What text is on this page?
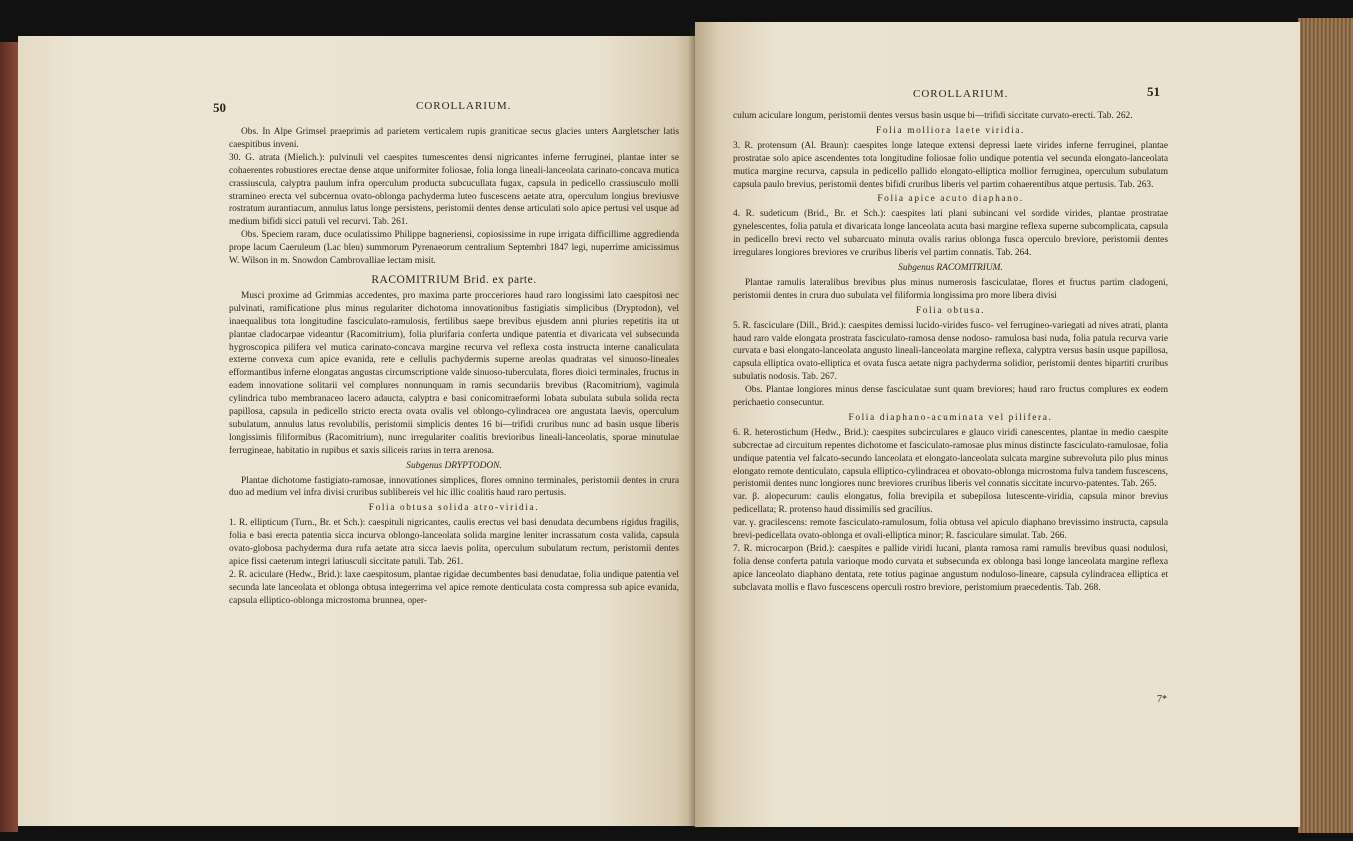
50	COROLLARIUM.

Obs. In Alpe Grimsel praeprimis ad parietem verticalem rupis graniticae secus glacies unters Aargletscher latis caespitibus inveni.

30. G. atrata (Mielich.): pulvinuli vel caespites tumescentes densi nigricantes inferne ferruginei, plantae inter se cohaerentes robustiores erectae dense atque uniformiter foliosae, folia longa lineali-lanceolata carinato-concava mutica crassiuscula, calyptra paulum infra operculum producta subcucullata fugax, capsula in pedicello crassiusculo molli stramineo erecta vel subcernua ovato-oblonga pachyderma luteo fuscescens aetate atra, operculum longius breviusve rostratum aurantiacum, annulus latus longe persistens, peristomii dentes dense articulati solo apice pertusi vel usque ad medium bifidi sicci patuli vel recurvi. Tab. 261.

Obs. Speciem raram, duce oculatissimo Philippe bagneriensi, copiosissime in rupe irrigata difficillime aggredienda prope lacum Caeruleum (Lac bleu) summorum Pyrenaeorum centralium Septembri 1847 legi, nuperrime amicissimus W. Wilson in m. Snowdon Cambrovalliae lectam misit.

RACOMITRIUM Brid. ex parte.

Musci proxime ad Grimmias accedentes, pro maxima parte procceriores haud raro longissimi lato caespitosi nec pulvinati, ramificatione plus minus regulariter dichotoma innovationibus fastigiatis simplicibus (Dryptodon), vel inaequalibus tota longitudine fasciculato-ramulosis, fertilibus saepe brevibus ejusdem anni pluries repetitis ita ut plantae cladocarpae videantur (Racomitrium), folia plurifaria conferta undique patentia et divaricata vel subsecunda hygroscopica pilifera vel mutica carinato-concava margine recurva vel reflexa costa instructa interne canaliculata externe convexa cum apice evanida, rete e cellulis pachydermis superne areolas quadratas vel sinuoso-lineales efformantibus inferne elongatas angustas circumscriptione valde sinuoso-tuberculata, flores dioici terminales, fructus in eadem innovatione solitarii vel complures nonnunquam in ramis secundariis brevibus (Racomitrium), vaginula cylindrica tubo membranaceo lacero adaucta, calyptra e basi conicomitraeformi lobata subulata subula solida recta papillosa, capsula in pedicello stricto erecta ovata ovalis vel oblongo-cylindracea ore angustata laevis, operculum subulatum, annulus latus revolubilis, peristomii simplicis dentes 16 bi—trifidi cruribus nunc ad basin usque liberis longissimis filiformibus (Racomitrium), nunc irregulariter coalitis brevioribus lineali-lanceolatis, sporae minutulae ferrugineae, habitatio in rupibus et saxis siliceis rarius in terra arenosa.

Subgenus DRYPTODON.

Plantae dichotome fastigiato-ramosae, innovationes simplices, flores omnino terminales, peristomii dentes in crura duo ad medium vel infra divisi cruribus sublibereis vel hic illic coalitis haud raro pertusis.

Folia obtusa solida atro-viridia.

1. R. ellipticum (Turn., Br. et Sch.): caespituli nigricantes, caulis erectus vel basi denudata decumbens rigidus fragilis, folia e basi erecta patentia sicca incurva oblongo-lanceolata solida margine leniter incrassatum costa valida, capsula ovato-globosa pachyderma dura rufa aetate atra sicca laevis polita, operculum subulatum rectum, peristomii dentes apice fissi caeterum integri latiusculi siccitate patuli. Tab. 261.

2. R. aciculare (Hedw., Brid.): laxe caespitosum, plantae rigidae decumbentes basi denudatae, folia undique patentia vel secunda late lanceolata et oblonga obtusa integerrima vel apice remote denticulata costa compressa sub apice evanida, capsula elliptico-oblonga microstoma brunnea, oper-

COROLLARIUM.	51

culum aciculare longum, peristomii dentes versus basin usque bi—trifidi siccitate curvato-erecti. Tab. 262.

Folia molliora laete viridia.

3. R. protensum (Al. Braun): caespites longe lateque extensi depressi laete virides inferne ferruginei, plantae prostratae solo apice ascendentes tota longitudine foliosae folio undique potentia vel secunda elongato-lanceolata mutica margine recurva, capsula in pedicello pallido elongato-elliptica mollior ferruginea, operculum subulatum capsula paulo brevius, peristomii dentes bifidi cruribus liberis vel partim cohaerentibus atque pertusis. Tab. 263.

Folia apice acuto diaphano.

4. R. sudeticum (Brid., Br. et Sch.): caespites lati plani subincani vel sordide virides, plantae prostratae gynelescentes, folia patula et divaricata longe lanceolata acuta basi margine reflexa superne subcomplicata, capsula in pedicello brevi recto vel subarcuato minuta ovalis rarius oblonga fusca operculo breviore, peristomii dentes irregulares longiores breviores ve cruribus liberis vel partim connatis. Tab. 264.

Subgenus RACOMITRIUM.

Plantae ramulis lateralibus brevibus plus minus numerosis fasciculatae, flores et fructus partim cladogeni, peristomii dentes in crura duo subulata vel filiformia longissima pro more libera divisi

Folia obtusa.

5. R. fasciculare (Dill., Brid.): caespites demissi lucido-virides fusco- vel ferrugineo-variegati ad nives atrati, planta haud raro valde elongata prostrata fasciculato-ramosa dense nodoso- ramulosa basi nuda, folia patula recurva varie curvata e basi elongato-lanceolata angusto lineali-lanceolata margine reflexa, calyptra versus basin usque papillosa, capsula elliptica ovato-elliptica et ovata fusca aetate nigra pachyderma solidior, peristomii dentes bipartiti cruribus subulatis nodosis. Tab. 267.

Obs. Plantae longiores minus dense fasciculatae sunt quam breviores; haud raro fructus complures ex eodem perichaetio consecuntur.

Folia diaphano-acuminata vel pilifera.

6. R. heterostichum (Hedw., Brid.): caespites subcirculares e glauco viridi canescentes, plantae in medio caespite subcrectae ad circuitum repentes dichotome et fasciculato-ramosae plus minus distincte fasciculato-ramulosae, folia undique patentia vel falcato-secundo lanceolata et elongato-lanceolata sulcata margine subrevoluta pilo plus minus elongato remote denticulato, capsula elliptico-cylindracea et obovato-oblonga microstoma fulva tandem fuscescens, peristomii dentes nunc longiores nunc breviores cruribus liberis vel connatis siccitate incurvo-patentes. Tab. 265.

var. β. alopecurum: caulis elongatus, folia brevipila et subepilosa lutescente-viridia, capsula minor brevius pedicellata; R. protenso haud dissimilis sed gracilius.

var. γ. gracilescens: remote fasciculato-ramulosum, folia obtusa vel apiculo diaphano brevissimo instructa, capsula brevi-pedicellata ovato-oblonga et ovali-elliptica minor; R. fasciculare simulat. Tab. 266.

7. R. microcarpon (Brid.): caespites e pallide viridi lucani, planta ramosa rami ramulis brevibus quasi nodulosi, folia dense conferta patula varioque modo curvata et subsecunda ex oblonga basi longe lanceolata margine reflexa apice lanceolato diaphano dentata, rete totius paginae angustum noduloso-lineare, capsula cylindracea elliptica et subclavata mollis e flavo fuscescens operculi rostro breviore, peristomium praecedentis. Tab. 268.

7*
